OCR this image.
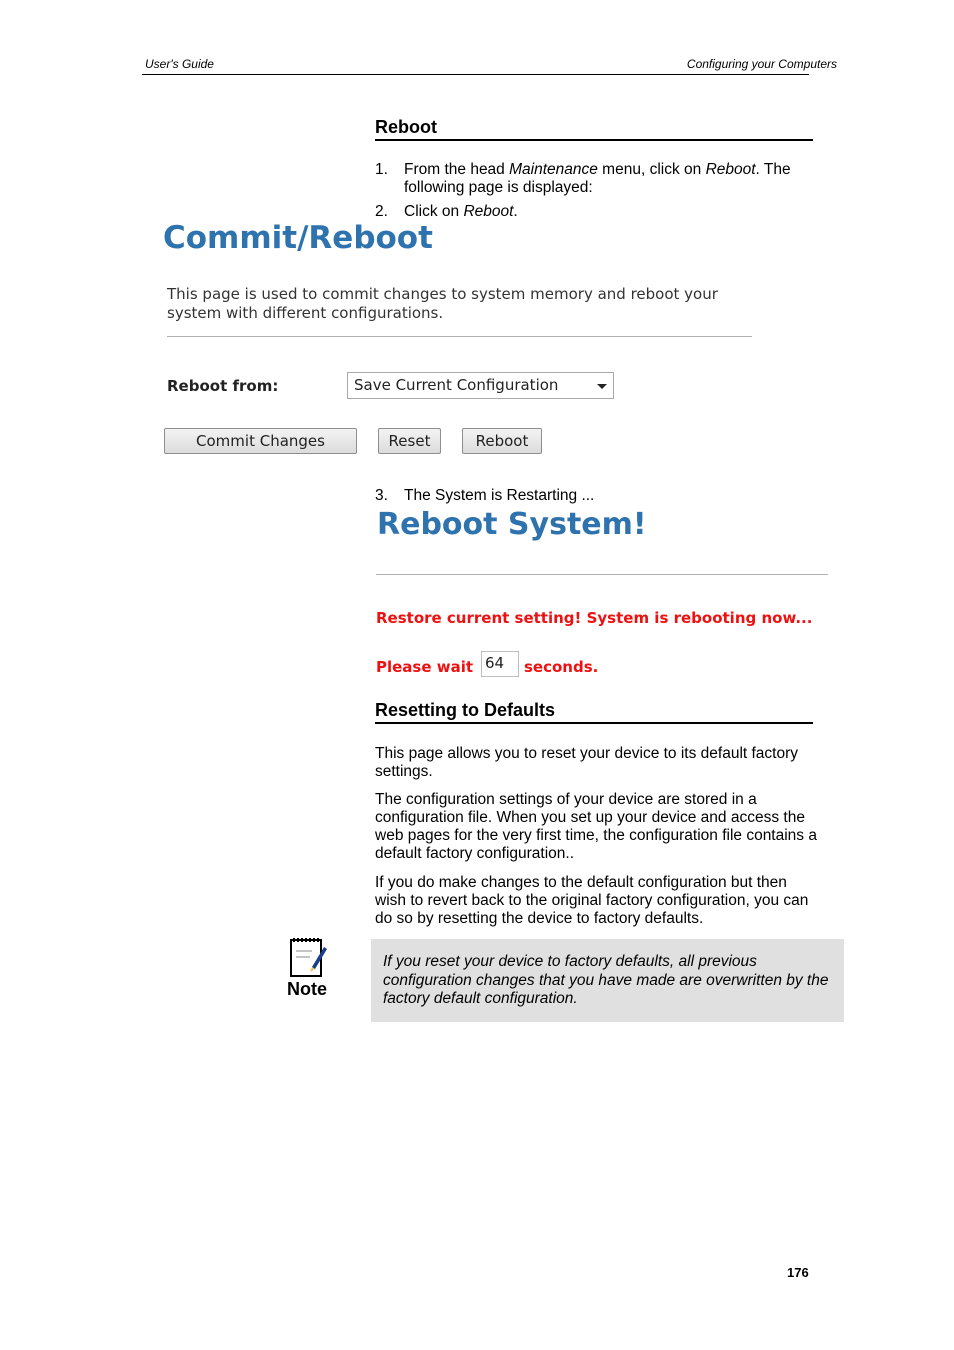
User's Guide	Configuring your Computers
Reboot
1. From the head Maintenance menu, click on Reboot. The following page is displayed:
2. Click on Reboot.
Commit/Reboot
This page is used to commit changes to system memory and reboot your system with different configurations.
Reboot from:	Save Current Configuration
Commit Changes	Reset	Reboot
3. The System is Restarting ...
Reboot System!
Restore current setting! System is rebooting now...
Please wait 64	seconds.
Resetting to Defaults
This page allows you to reset your device to its default factory settings.
The configuration settings of your device are stored in a configuration file. When you set up your device and access the web pages for the very first time, the configuration file contains a default factory configuration..
If you do make changes to the default configuration but then wish to revert back to the original factory configuration, you can do so by resetting the device to factory defaults.
Note
If you reset your device to factory defaults, all previous configuration changes that you have made are overwritten by the factory default configuration.
176
